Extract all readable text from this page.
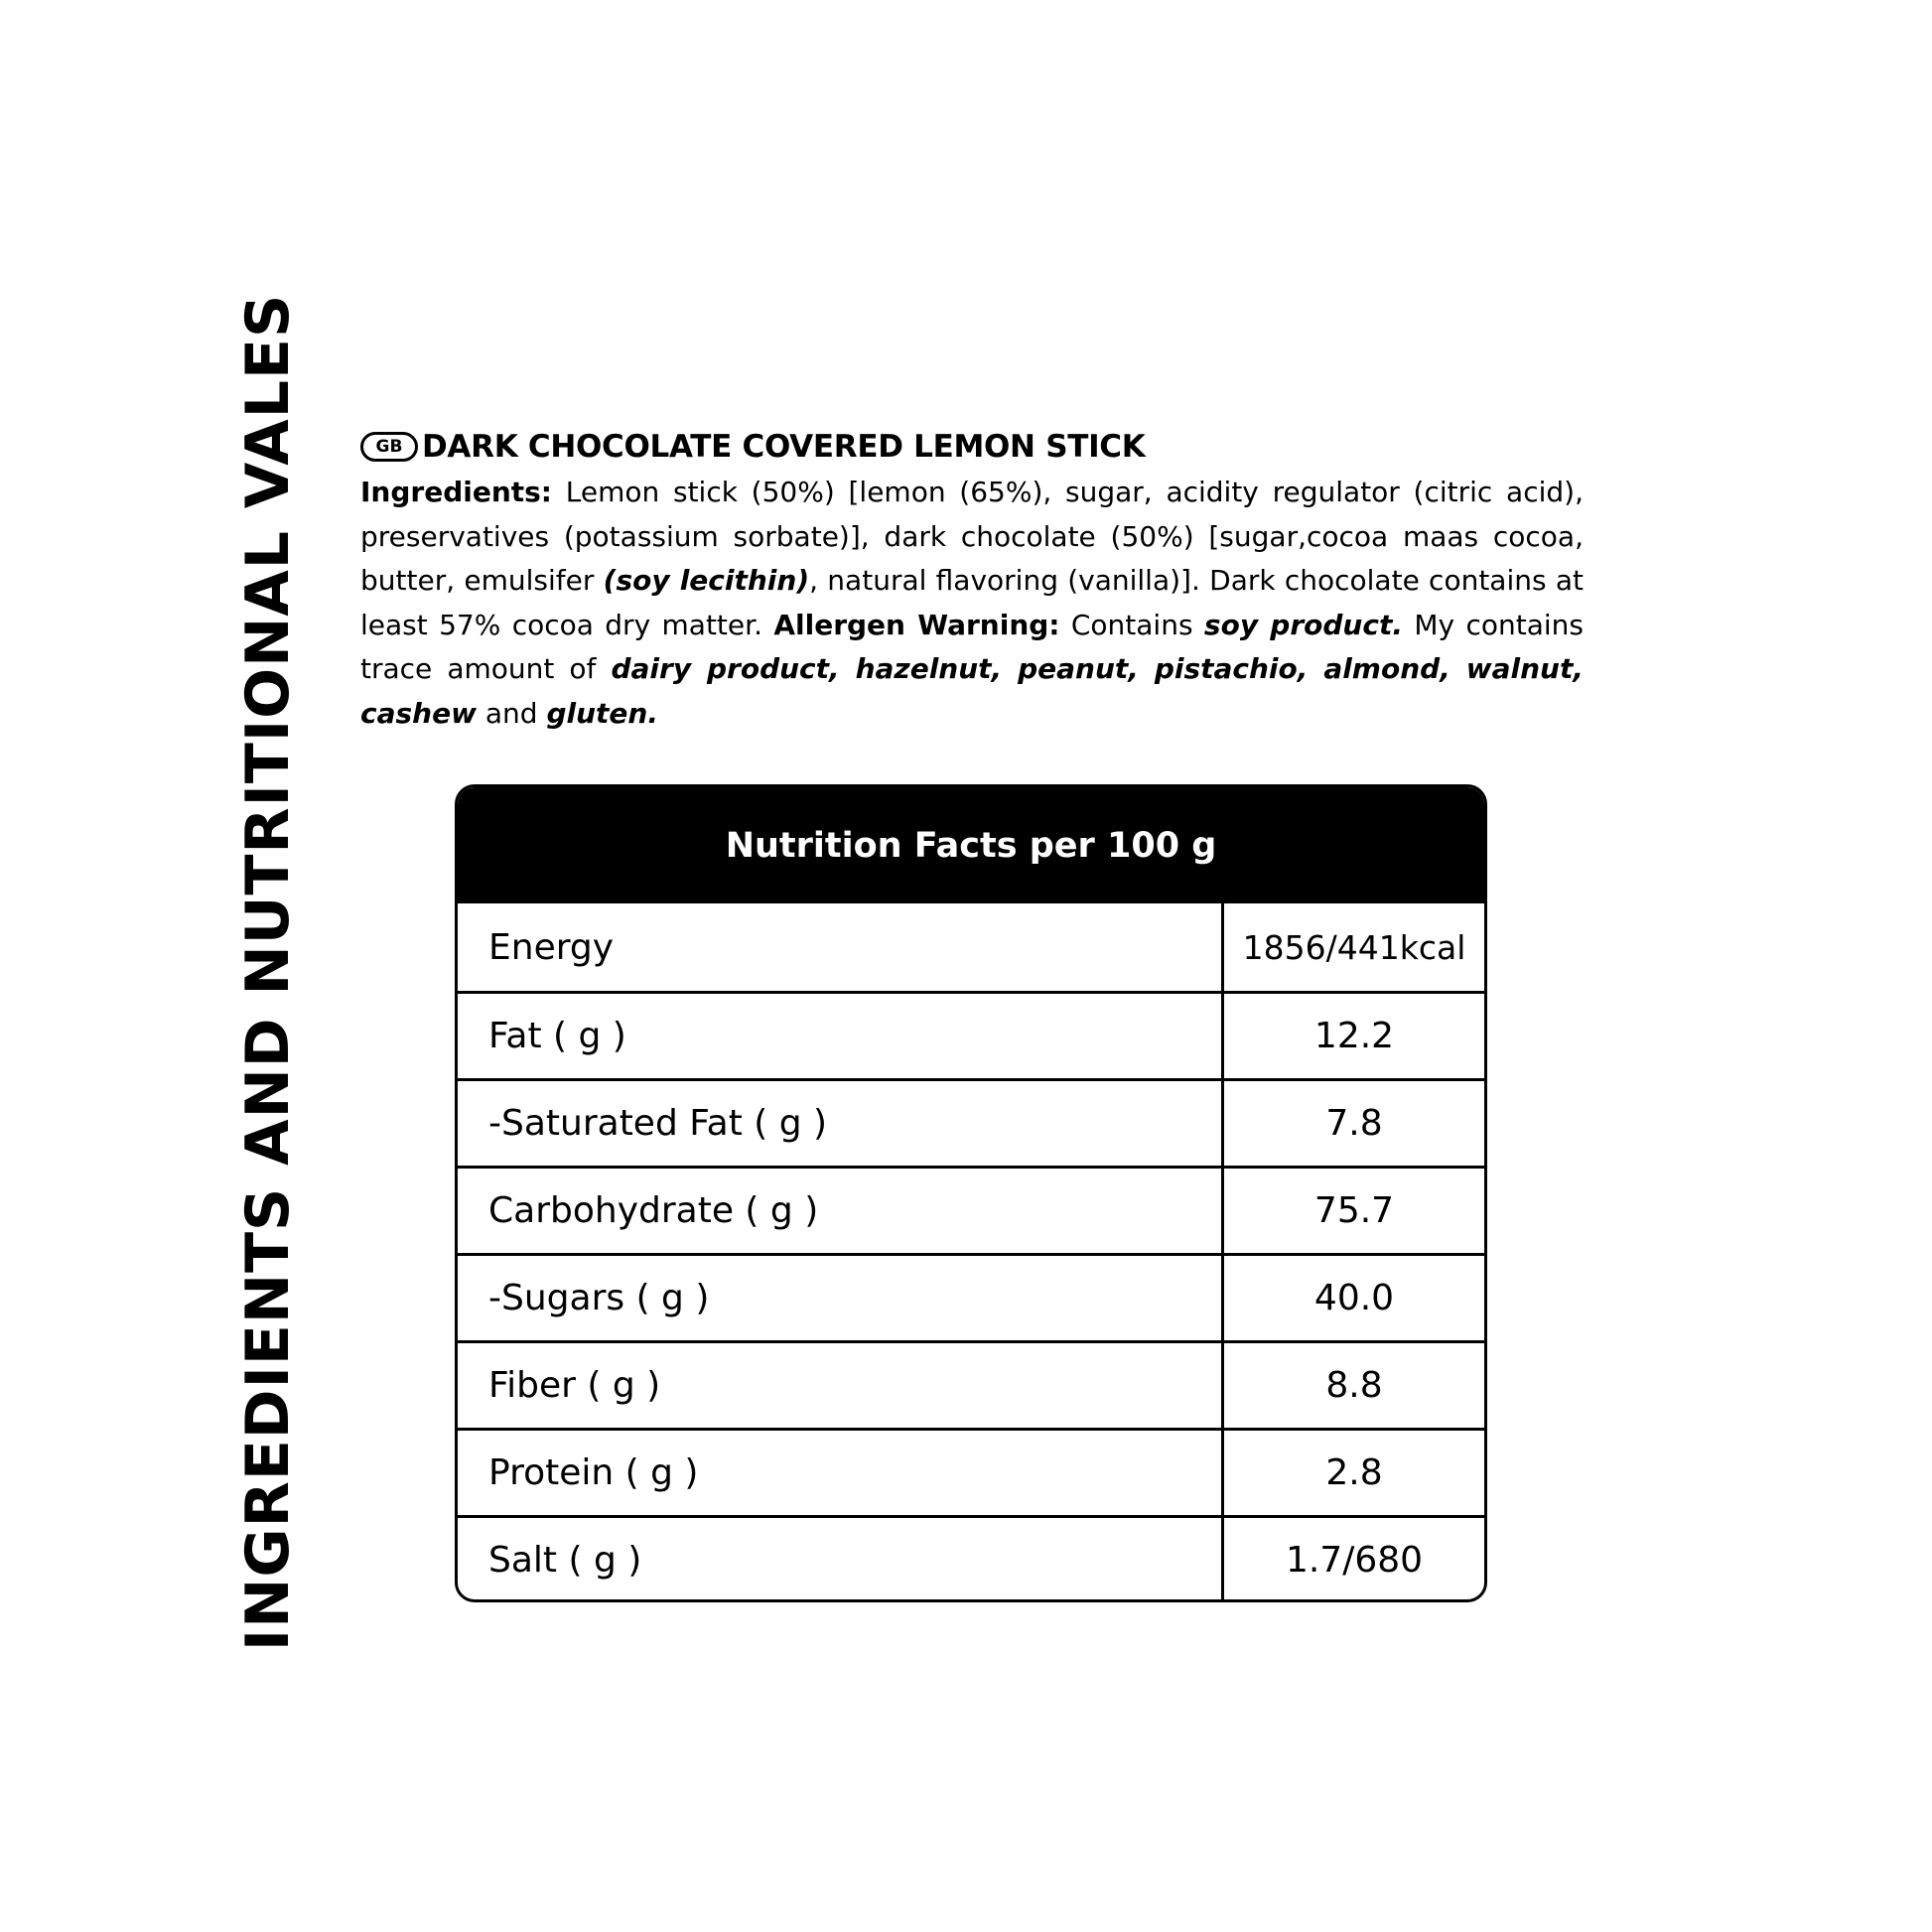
INGREDIENTS AND NUTRITIONAL VALES	GB DARK CHOCOLATE COVERED LEMON STICK
Ingredients: Lemon stick (50%) [lemon (65%), sugar, acidity regulator (citric acid), preservatives (potassium sorbate)], dark chocolate (50%) [sugar,cocoa maas cocoa, butter, emulsifer (soy lecithin), natural flavoring (vanilla)]. Dark chocolate contains at least 57% cocoa dry matter. Allergen Warning: Contains soy product. My contains trace amount of dairy product, hazelnut, peanut, pistachio, almond, walnut, cashew and gluten.
Nutrition Facts per 100 g
Energy	1856/441kcal
Fat ( g )	12.2
-Saturated Fat ( g )	7.8
Carbohydrate ( g )	75.7
-Sugars ( g )	40.0
Fiber ( g )	8.8
Protein ( g )	2.8
Salt ( g )	1.7/680
